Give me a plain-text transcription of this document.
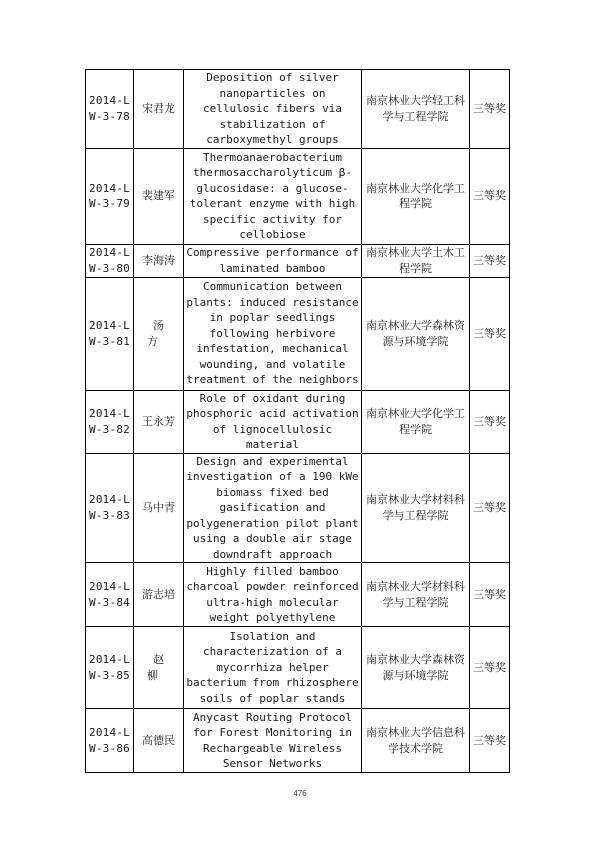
2014-LW-3-78	宋君龙	Deposition of silver nanoparticles on cellulosic fibers via stabilization of carboxymethyl groups	南京林业大学轻工科学与工程学院	三等奖
2014-LW-3-79	裴建军	Thermoanaerobacterium thermosaccharolyticum β-glucosidase: a glucose-tolerant enzyme with high specific activity for cellobiose	南京林业大学化学工程学院	三等奖
2014-LW-3-80	李海涛	Compressive performance of laminated bamboo	南京林业大学土木工程学院	三等奖
2014-LW-3-81	汤方	Communication between plants: induced resistance in poplar seedlings following herbivore infestation, mechanical wounding, and volatile treatment of the neighbors	南京林业大学森林资源与环境学院	三等奖
2014-LW-3-82	王永芳	Role of oxidant during phosphoric acid activation of lignocellulosic material	南京林业大学化学工程学院	三等奖
2014-LW-3-83	马中青	Design and experimental investigation of a 190 kWe biomass fixed bed gasification and polygeneration pilot plant using a double air stage downdraft approach	南京林业大学材料科学与工程学院	三等奖
2014-LW-3-84	游志培	Highly filled bamboo charcoal powder reinforced ultra-high molecular weight polyethylene	南京林业大学材料科学与工程学院	三等奖
2014-LW-3-85	赵柳	Isolation and characterization of a mycorrhiza helper bacterium from rhizosphere soils of poplar stands	南京林业大学森林资源与环境学院	三等奖
2014-LW-3-86	高德民	Anycast Routing Protocol for Forest Monitoring in Rechargeable Wireless Sensor Networks	南京林业大学信息科学技术学院	三等奖
476
